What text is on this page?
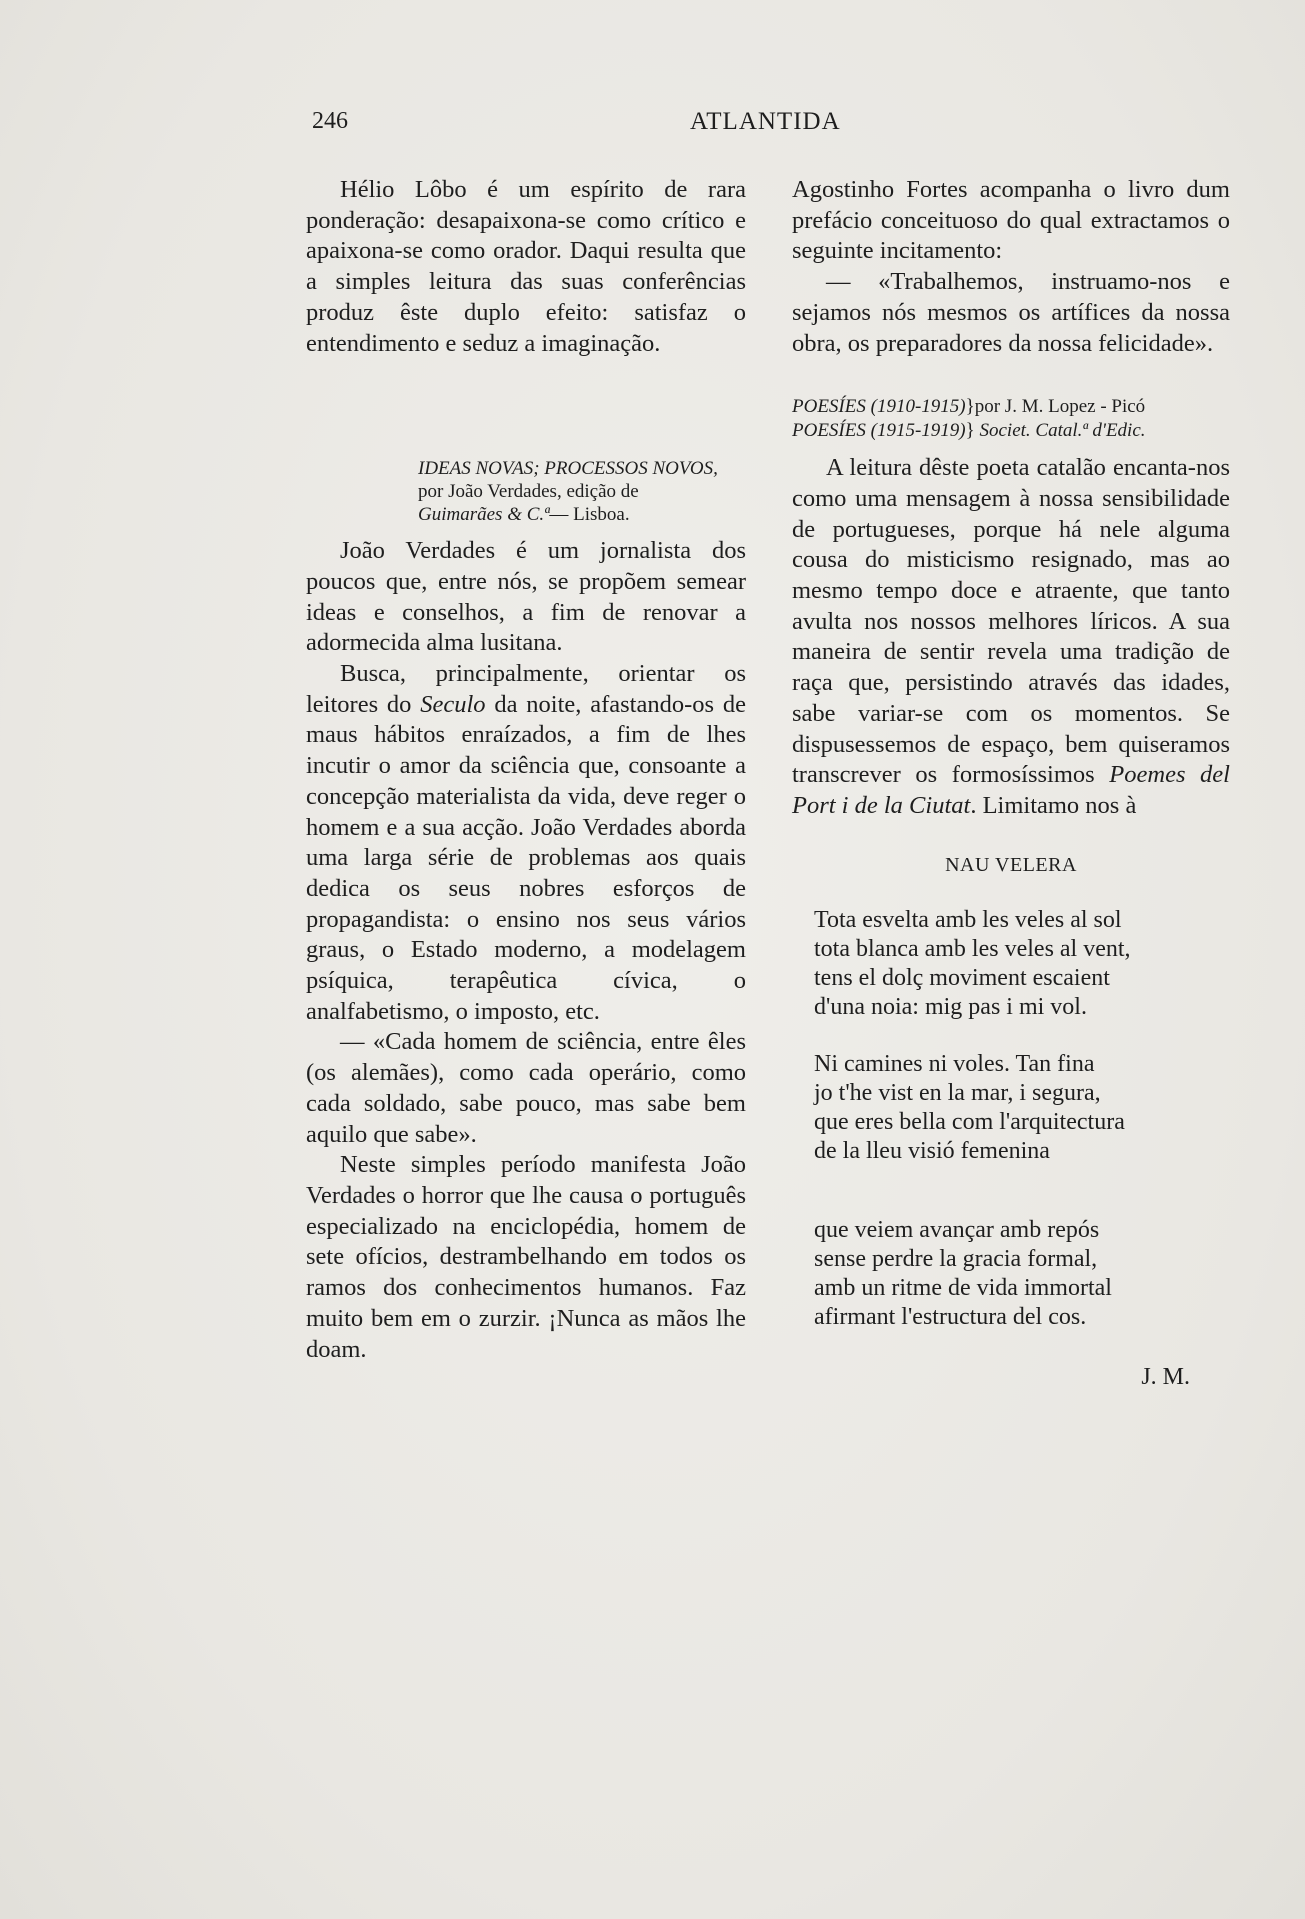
246	ATLANTIDA

Hélio Lôbo é um espírito de rara ponderação: desapaixona-se como crítico e apaixona-se como orador. Daqui resulta que a simples leitura das suas conferências produz êste duplo efeito: satisfaz o entendimento e seduz a imaginação.

IDEAS NOVAS; PROCESSOS NOVOS,
por João Verdades, edição de
Guimarães & C.ª— Lisboa.

João Verdades é um jornalista dos poucos que, entre nós, se propõem semear ideas e conselhos, a fim de renovar a adormecida alma lusitana.

Busca, principalmente, orientar os leitores do Seculo da noite, afastando-os de maus hábitos enraízados, a fim de lhes incutir o amor da sciência que, consoante a concepção materialista da vida, deve reger o homem e a sua acção. João Verdades aborda uma larga série de problemas aos quais dedica os seus nobres esforços de propagandista: o ensino nos seus vários graus, o Estado moderno, a modelagem psíquica, terapêutica cívica, o analfabetismo, o imposto, etc.

— «Cada homem de sciência, entre êles (os alemães), como cada operário, como cada soldado, sabe pouco, mas sabe bem aquilo que sabe».

Neste simples período manifesta João Verdades o horror que lhe causa o português especializado na enciclopédia, homem de sete ofícios, destrambelhando em todos os ramos dos conhecimentos humanos. Faz muito bem em o zurzir. ¡Nunca as mãos lhe doam.

Agostinho Fortes acompanha o livro dum prefácio conceituoso do qual extractamos o seguinte incitamento:

— «Trabalhemos, instruamo-nos e sejamos nós mesmos os artífices da nossa obra, os preparadores da nossa felicidade».

POESÍES (1910-1915) } por J. M. Lopez - Picó
POESÍES (1915-1919) }
Societ. Catal.ª d'Edic.

A leitura dêste poeta catalão encanta-nos como uma mensagem à nossa sensibilidade de portugueses, porque há nele alguma cousa do misticismo resignado, mas ao mesmo tempo doce e atraente, que tanto avulta nos nossos melhores líricos. A sua maneira de sentir revela uma tradição de raça que, persistindo através das idades, sabe variar-se com os momentos. Se dispusessemos de espaço, bem quiseramos transcrever os formosíssimos Poemes del Port i de la Ciutat. Limitamo nos à

NAU VELERA
Tota esvelta amb les veles al sol
tota blanca amb les veles al vent,
tens el dolç moviment escaient
d'una noia: mig pas i mi vol.
Ni camines ni voles. Tan fina
jo t'he vist en la mar, i segura,
que eres bella com l'arquitectura
de la lleu visió femenina
que veiem avançar amb repós
sense perdre la gracia formal,
amb un ritme de vida immortal
afirmant l'estructura del cos.
J. M.
